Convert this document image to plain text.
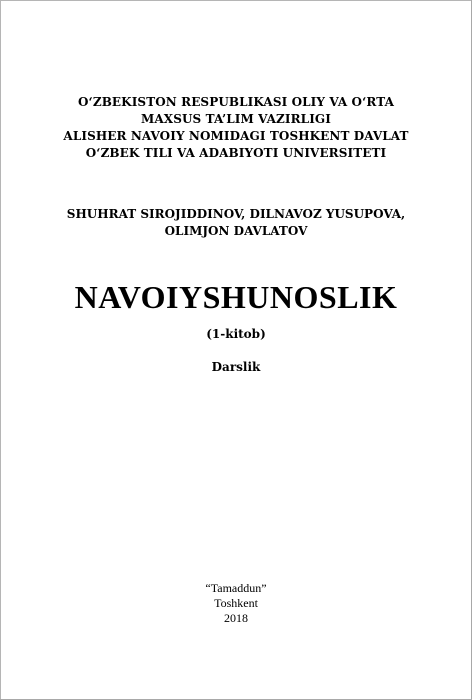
O‘ZBEKISTON RESPUBLIKASI OLIY VA O‘RTA
MAXSUS TA’LIM VAZIRLIGI
ALISHER NAVOIY NOMIDAGI TOSHKENT DAVLAT
O‘ZBEK TILI VA ADABIYOTI UNIVERSITETI
SHUHRAT SIROJIDDINOV, DILNAVOZ YUSUPOVA,
OLIMJON DAVLATOV
NAVOIYSHUNOSLIK
(1-kitob)
Darslik
“Tamaddun”
Toshkent
2018
